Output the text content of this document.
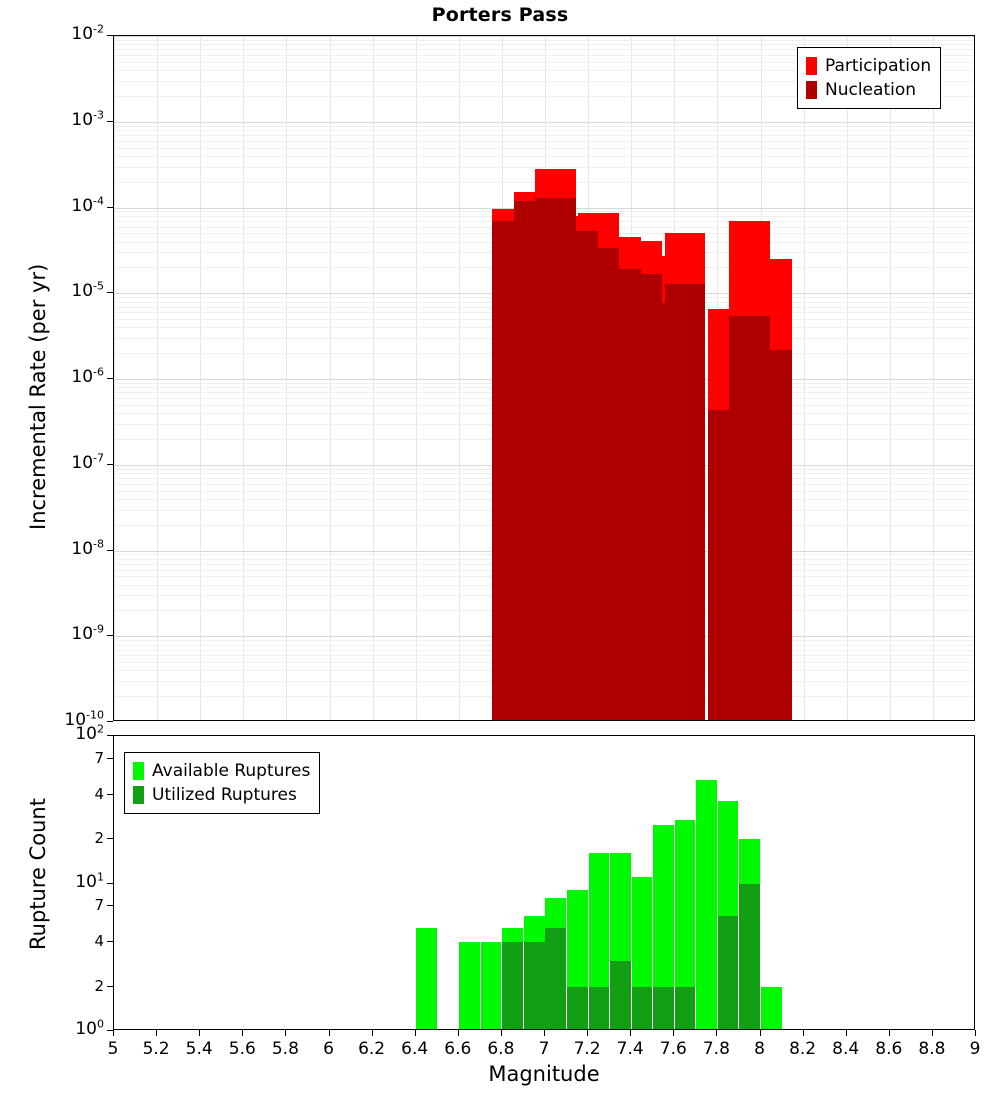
Porters Pass
$10^{-2}$
$10^{-3}$
$10^{-4}$
$10^{-5}$
$10^{-6}$
$10^{-7}$
$10^{-8}$
$10^{-9}$
$10^{-10}$
Incremental Rate (per yr)
Participation
Nucleation
$10^2$
7
4
2
$10^1$
7
4
2
$10^0$
5	5.2 5.4 5.6 5.8	6	6.2 6.4 6.6 6.8	7	7.2 7.4 7.6 7.8	8	8.2 8.4 8.6 8.8	9
Rupture Count
Available Ruptures
Utilized Ruptures
Magnitude
